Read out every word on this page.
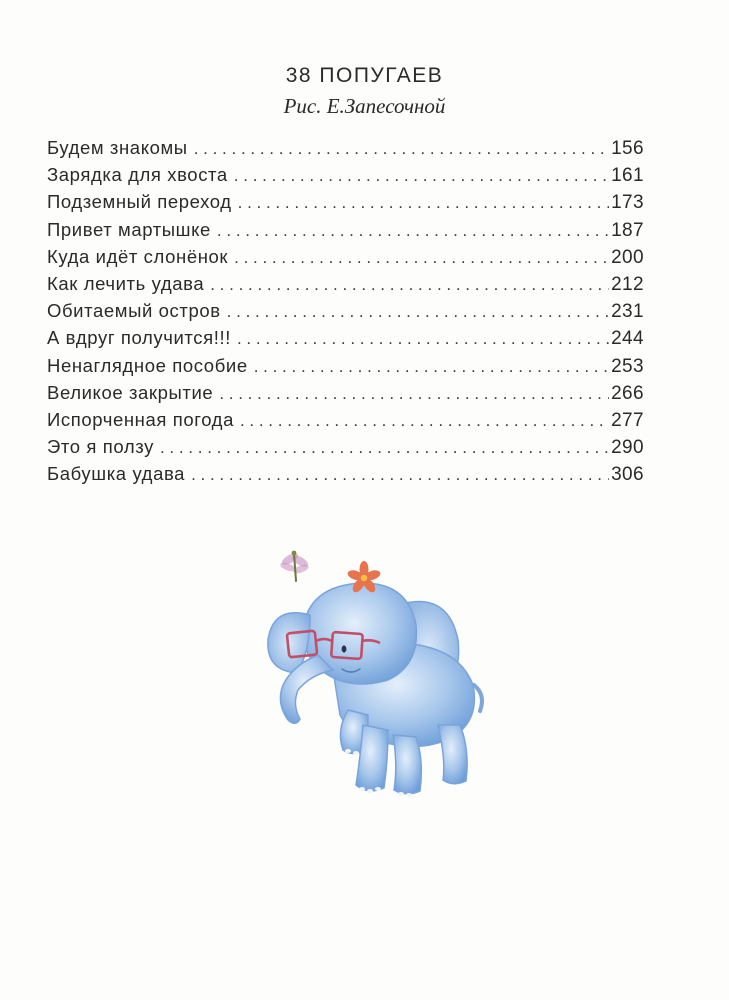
38 ПОПУГАЕВ
Рис. Е.Запесочной
Будем знакомы . . .	156
Зарядка для хвоста . . .	161
Подземный переход . . .	173
Привет мартышке . . .	187
Куда идёт слонёнок . . .	200
Как лечить удава . . .	212
Обитаемый остров . . .	231
А вдруг получится!!! . . .	244
Ненаглядное пособие . . .	253
Великое закрытие . . .	266
Испорченная погода . . .	277
Это я ползу . . .	290
Бабушка удава . . .	306
